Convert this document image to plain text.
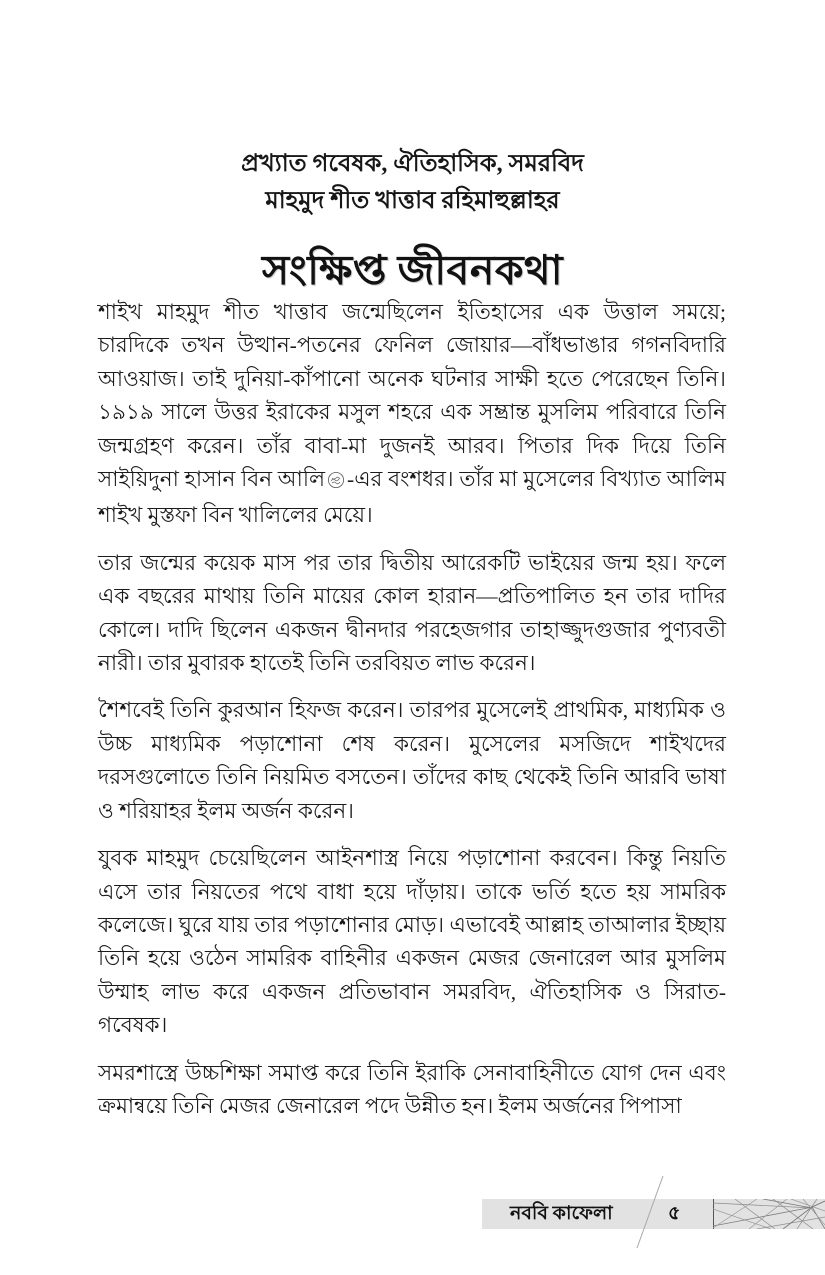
প্রখ্যাত গবেষক, ঐতিহাসিক, সমরবিদ
মাহমুদ শীত খাত্তাব রহিমাহুল্লাহর
সংক্ষিপ্ত জীবনকথা

শাইখ মাহমুদ শীত খাত্তাব জন্মেছিলেন ইতিহাসের এক উত্তাল সময়ে; চারদিকে তখন উত্থান-পতনের ফেনিল জোয়ার—বাঁধভাঙার গগনবিদারি আওয়াজ। তাই দুনিয়া-কাঁপানো অনেক ঘটনার সাক্ষী হতে পেরেছেন তিনি। ১৯১৯ সালে উত্তর ইরাকের মসুল শহরে এক সম্ভ্রান্ত মুসলিম পরিবারে তিনি জন্মগ্রহণ করেন। তাঁর বাবা-মা দুজনই আরব। পিতার দিক দিয়ে তিনি সাইয়িদুনা হাসান বিন আলি -এর বংশধর। তাঁর মা মুসেলের বিখ্যাত আলিম শাইখ মুস্তফা বিন খালিলের মেয়ে।

তার জন্মের কয়েক মাস পর তার দ্বিতীয় আরেকটি ভাইয়ের জন্ম হয়। ফলে এক বছরের মাথায় তিনি মায়ের কোল হারান—প্রতিপালিত হন তার দাদির কোলে। দাদি ছিলেন একজন দ্বীনদার পরহেজগার তাহাজ্জুদগুজার পুণ্যবতী নারী। তার মুবারক হাতেই তিনি তরবিয়ত লাভ করেন।

শৈশবেই তিনি কুরআন হিফজ করেন। তারপর মুসেলেই প্রাথমিক, মাধ্যমিক ও উচ্চ মাধ্যমিক পড়াশোনা শেষ করেন। মুসেলের মসজিদে শাইখদের দরসগুলোতে তিনি নিয়মিত বসতেন। তাঁদের কাছ থেকেই তিনি আরবি ভাষা ও শরিয়াহর ইলম অর্জন করেন।

যুবক মাহমুদ চেয়েছিলেন আইনশাস্ত্র নিয়ে পড়াশোনা করবেন। কিন্তু নিয়তি এসে তার নিয়তের পথে বাধা হয়ে দাঁড়ায়। তাকে ভর্তি হতে হয় সামরিক কলেজে। ঘুরে যায় তার পড়াশোনার মোড়। এভাবেই আল্লাহ তাআলার ইচ্ছায় তিনি হয়ে ওঠেন সামরিক বাহিনীর একজন মেজর জেনারেল আর মুসলিম উম্মাহ লাভ করে একজন প্রতিভাবান সমরবিদ, ঐতিহাসিক ও সিরাত-গবেষক।

সমরশাস্ত্রে উচ্চশিক্ষা সমাপ্ত করে তিনি ইরাকি সেনাবাহিনীতে যোগ দেন এবং ক্রমান্বয়ে তিনি মেজর জেনারেল পদে উন্নীত হন। ইলম অর্জনের পিপাসা

নববি কাফেলা	৫
